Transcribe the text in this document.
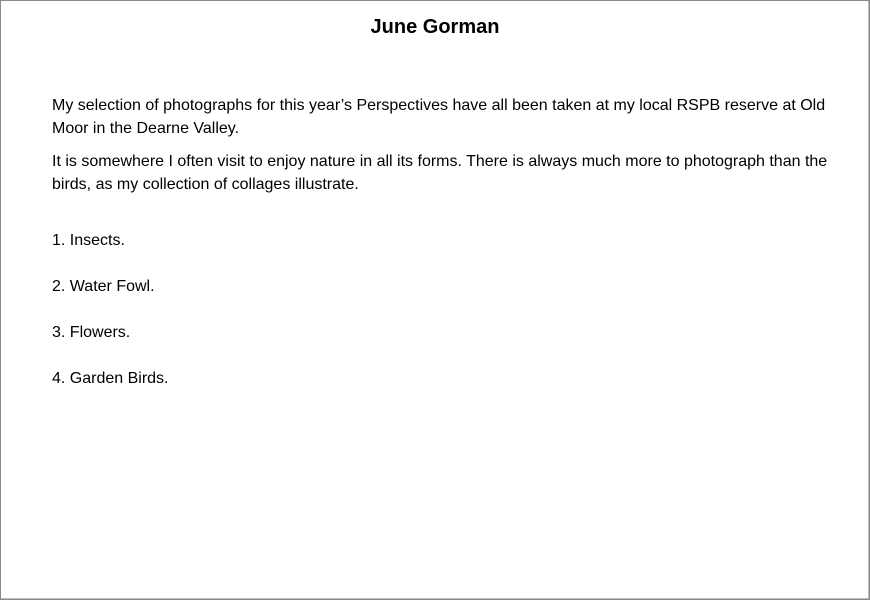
June Gorman

My selection of photographs for this year’s Perspectives have all been taken at my local RSPB reserve at Old Moor in the Dearne Valley.

It is somewhere I often visit to enjoy nature in all its forms. There is always much more to photograph than the birds, as my collection of collages illustrate.

1. Insects.
2. Water Fowl.
3. Flowers.
4. Garden Birds.
